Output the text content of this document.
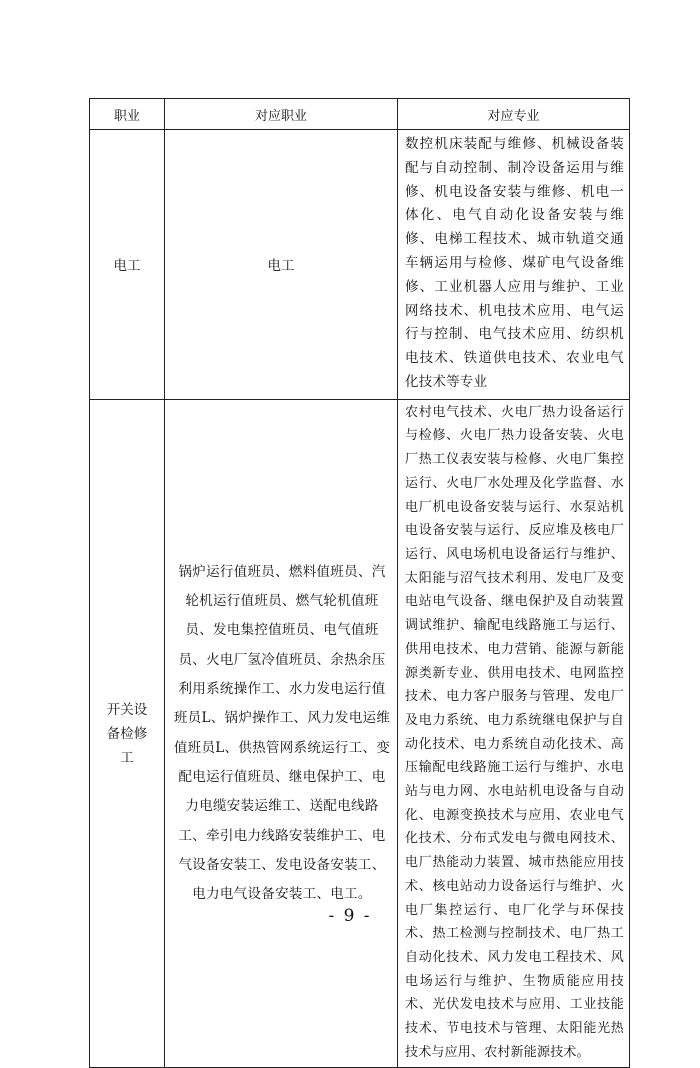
职业	对应职业	对应专业
电工	电工	数控机床装配与维修、机械设备装配与自动控制、制冷设备运用与维修、机电设备安装与维修、机电一体化、电气自动化设备安装与维修、电梯工程技术、城市轨道交通车辆运用与检修、煤矿电气设备维修、工业机器人应用与维护、工业网络技术、机电技术应用、电气运行与控制、电气技术应用、纺织机电技术、铁道供电技术、农业电气化技术等专业
开关设备检修工	锅炉运行值班员、燃料值班员、汽轮机运行值班员、燃气轮机值班员、发电集控值班员、电气值班员、火电厂氢冷值班员、余热余压利用系统操作工、水力发电运行值班员L、锅炉操作工、风力发电运维值班员L、供热管网系统运行工、变配电运行值班员、继电保护工、电力电缆安装运维工、送配电线路工、牵引电力线路安装维护工、电气设备安装工、发电设备安装工、电力电气设备安装工、电工。	农村电气技术、火电厂热力设备运行与检修、火电厂热力设备安装、火电厂热工仪表安装与检修、火电厂集控运行、火电厂水处理及化学监督、水电厂机电设备安装与运行、水泵站机电设备安装与运行、反应堆及核电厂运行、风电场机电设备运行与维护、太阳能与沼气技术利用、发电厂及变电站电气设备、继电保护及自动装置调试维护、输配电线路施工与运行、供用电技术、电力营销、能源与新能源类新专业、供用电技术、电网监控技术、电力客户服务与管理、发电厂及电力系统、电力系统继电保护与自动化技术、电力系统自动化技术、高压输配电线路施工运行与维护、水电站与电力网、水电站机电设备与自动化、电源变换技术与应用、农业电气化技术、分布式发电与微电网技术、电厂热能动力装置、城市热能应用技术、核电站动力设备运行与维护、火电厂集控运行、电厂化学与环保技术、热工检测与控制技术、电厂热工自动化技术、风力发电工程技术、风电场运行与维护、生物质能应用技术、光伏发电技术与应用、工业技能技术、节电技术与管理、太阳能光热技术与应用、农村新能源技术。
- 9 -
